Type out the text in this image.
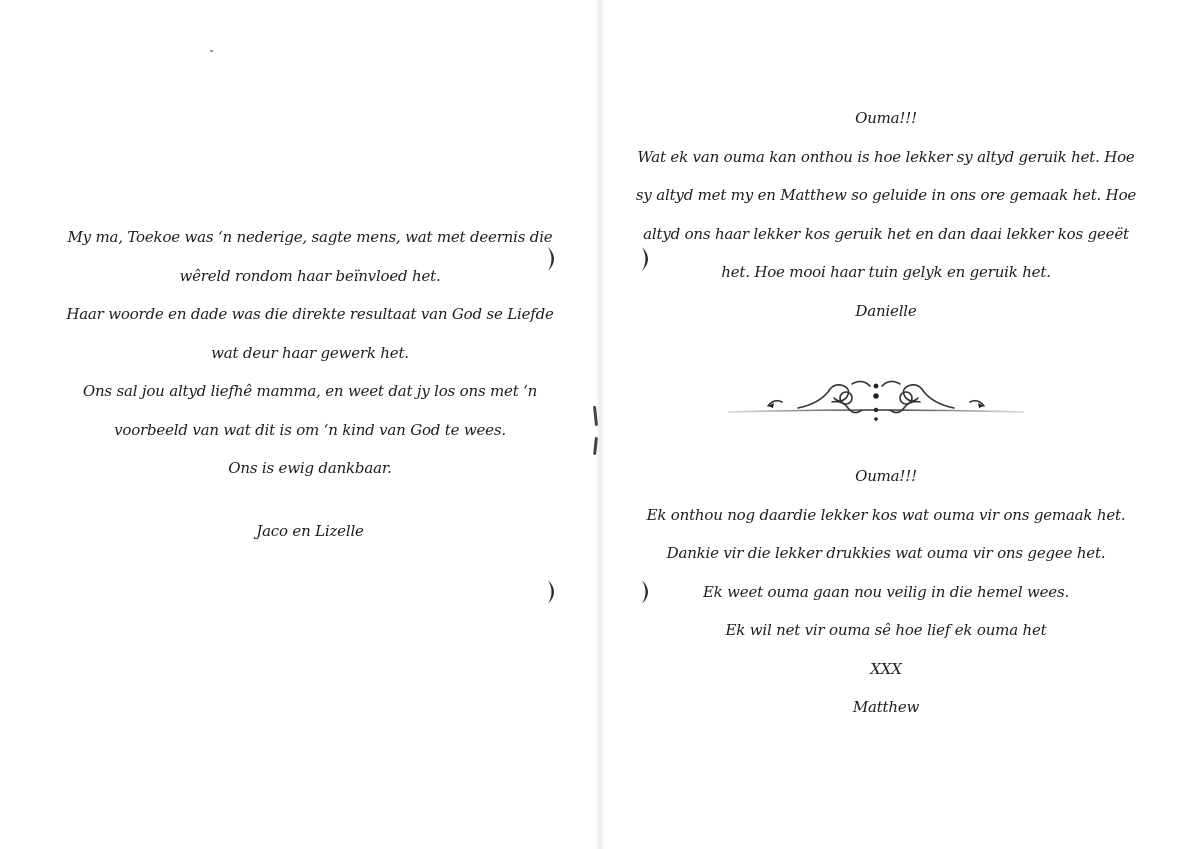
My ma, Toekoe was ‘n nederige, sagte mens, wat met deernis die
wêreld rondom haar beïnvloed het.
Haar woorde en dade was die direkte resultaat van God se Liefde
wat deur haar gewerk het.
Ons sal jou altyd liefhê mamma, en weet dat jy los ons met ‘n
voorbeeld van wat dit is om ‘n kind van God te wees.
Ons is ewig dankbaar.
Jaco en Lizelle
Ouma!!!
Wat ek van ouma kan onthou is hoe lekker sy altyd geruik het. Hoe
sy altyd met my en Matthew so geluide in ons ore gemaak het. Hoe
altyd ons haar lekker kos geruik het en dan daai lekker kos geeët
het. Hoe mooi haar tuin gelyk en geruik het.
Danielle
Ouma!!!
Ek onthou nog daardie lekker kos wat ouma vir ons gemaak het.
Dankie vir die lekker drukkies wat ouma vir ons gegee het.
Ek weet ouma gaan nou veilig in die hemel wees.
Ek wil net vir ouma sê hoe lief ek ouma het
XXX
Matthew
